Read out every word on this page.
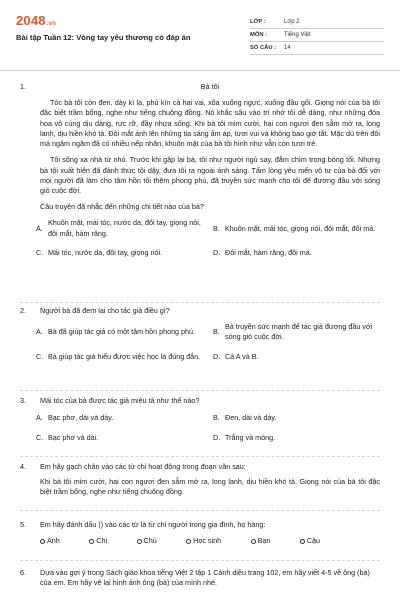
2048.vn
Bài tập Tuần 12: Vòng tay yêu thương có đáp án
LỚP :	Lớp 2
MÔN :	Tiếng Việt
SỐ CÂU :	14
1.	Bà tôi

Tóc bà tôi còn đen, dày kì lạ, phủ kín cả hai vai, xõa xuống ngực, xuống đầu gối. Giọng nói của bà tôi đặc biệt trầm bổng, nghe như tiếng chuông đồng. Nó khắc sâu vào trí nhớ tôi dễ dàng, như những đóa hoa vô cùng dịu dàng, rực rỡ, đầy nhựa sống. Khi bà tôi mỉm cười, hai con ngươi đen sẫm mở ra, long lanh, dịu hiền khó tả. Đôi mắt ánh lên những tia sáng ấm áp, tươi vui và không bao giờ tắt. Mặc dù trên đôi má ngăm ngăm đã có nhiều nếp nhăn, khuôn mặt của bà tôi hình như vẫn còn tươi trẻ.

Tôi sống xa nhà từ nhỏ. Trước khi gặp lại bà, tôi như người ngủ say, đắm chìm trong bóng tối. Nhưng bà tôi xuất hiện đã đánh thức tôi dậy, đưa tôi ra ngoài ánh sáng. Tấm lòng yêu mến vô tư của bà đối với mọi người đã làm cho tâm hồn tôi thêm phong phú, đã truyền sức mạnh cho tôi để đương đầu với sóng gió cuộc đời.

Câu truyện đã nhắc đến những chi tiết nào của bà?

A.
Khuôn mặt, mái tóc, nước da, đôi tay, giọng nói, đôi mắt, hàm răng.
B. Khuôn mặt, mái tóc, giọng nói, đôi mắt, đôi má.
C. Mái tóc, nước da, đôi tay, giọng nói.	D. Đôi mắt, hàm răng, đôi má.
2.	Người bà đã đem lại cho tác giả điều gì?
A. Bà đã giúp tác giả có một tâm hồn phong phú.	B.
Bà truyền sức mạnh để tác giả đương đầu với sóng gió cuộc đời.
C. Bà giúp tác giả hiểu được việc học là đúng đắn.	D. Cả A và B.
3.	Mái tóc của bà được tác giả miêu tả như thế nào?
A. Bạc phơ, dài và dày.	B. Đen, dài và dày.
C. Bạc phơ và dài.	D. Trắng và mỏng.
4.	Em hãy gạch chân vào các từ chỉ hoạt động trong đoạn văn sau:

Khi bà tôi mỉm cười, hai con ngươi đen sẫm mở ra, long lanh, dịu hiền khó tả. Giọng nói của bà tôi đặc biệt trầm bổng, nghe như tiếng chuông đồng.

5.	Em hãy đánh dấu () vào các từ là từ chỉ người trong gia đình, họ hàng:
Anh	Chị	Chú	Học sinh	Bạn	Cậu
6.	Dựa vào gợi ý trong Sách giáo khoa tiếng Việt 2 tập 1 Cánh diều trang 102, em hãy viết 4-5 về ông (bà) của em. Em hãy vẽ lại hình ảnh ông (bà) của mình nhé.
